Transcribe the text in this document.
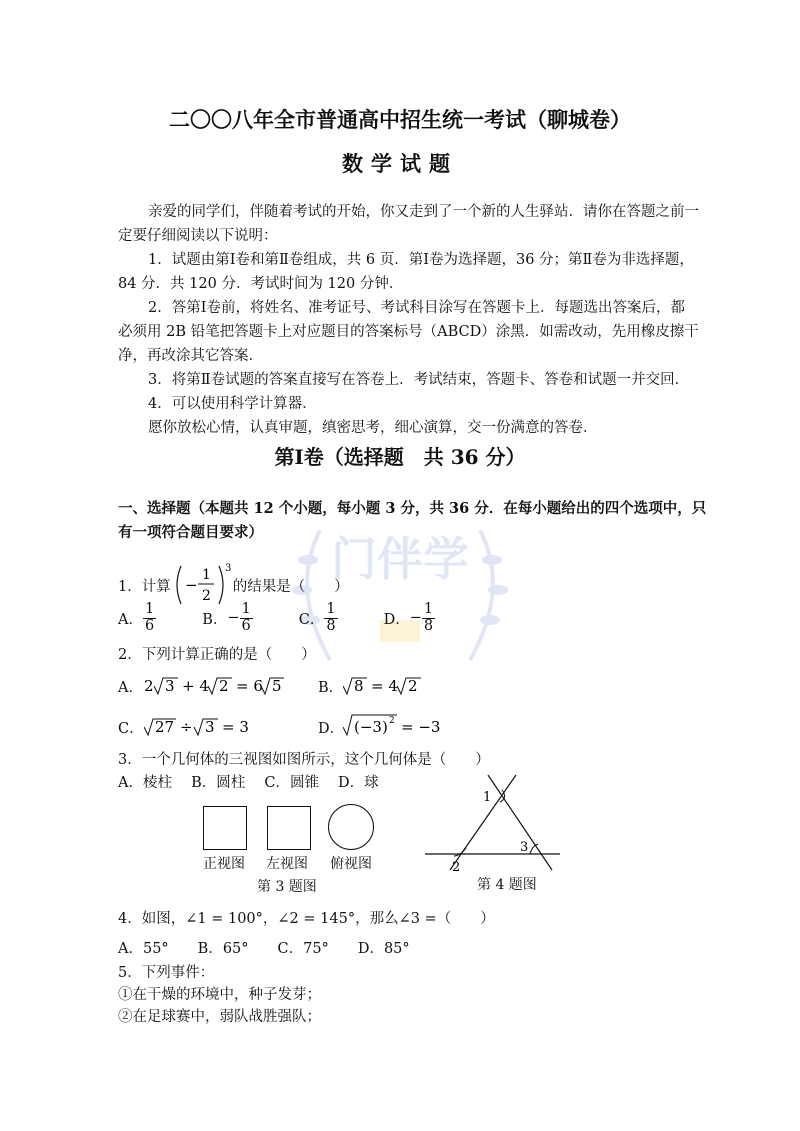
门伴学
二〇〇八年全市普通高中招生统一考试（聊城卷）
数学试题
亲爱的同学们，伴随着考试的开始，你又走到了一个新的人生驿站．请你在答题之前一
定要仔细阅读以下说明：
1．试题由第Ⅰ卷和第Ⅱ卷组成，共 6 页．第Ⅰ卷为选择题，36 分；第Ⅱ卷为非选择题，
84 分．共 120 分．考试时间为 120 分钟．
2．答第Ⅰ卷前，将姓名、准考证号、考试科目涂写在答题卡上．每题选出答案后，都
必须用 2B 铅笔把答题卡上对应题目的答案标号（ABCD）涂黑．如需改动，先用橡皮擦干
净，再改涂其它答案．
3．将第Ⅱ卷试题的答案直接写在答卷上．考试结束，答题卡、答卷和试题一并交回．
4．可以使用科学计算器．
愿你放松心情，认真审题，缜密思考，细心演算，交一份满意的答卷．
第Ⅰ卷（选择题　共 36 分）
一、选择题（本题共 12 个小题，每小题 3 分，共 36 分．在每小题给出的四个选项中，只
有一项符合题目要求）
1．计算 −
1
2
3
的结果是（　　）
A． $\frac{1}{6}$	B． − $\frac{1}{6}$	C． $\frac{1}{8}$	D． − $\frac{1}{8}$
2．下列计算正确的是（　　）
A． 2 3 + 4 2 = 6 5	B． 8 = 4 2
C． 27 ÷ 3 = 3	D． (−3) 2 = −3
3．一个几何体的三视图如图所示，这个几何体是（　　）
A．棱柱　 B．圆柱　 C．圆锥　 D．球
正视图 左视图 俯视图
第 3 题图
1
2
3
第 4 题图
4．如图，∠1 = 100°，∠2 = 145°，那么∠3 =（　　）
A．55°　　B．65°　　C．75°　　D．85°
5．下列事件：
①在干燥的环境中，种子发芽；
②在足球赛中，弱队战胜强队；
